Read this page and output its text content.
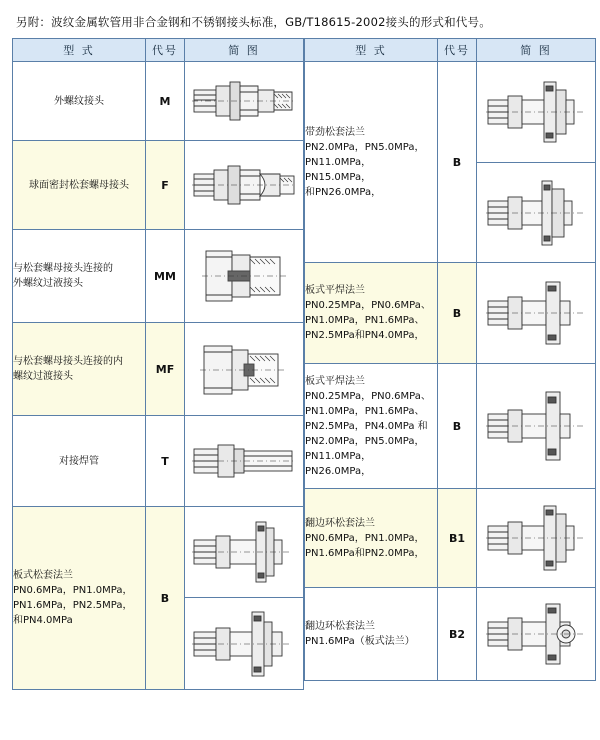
另附：波纹金属软管用非合金钢和不锈钢接头标准，GB/T18615-2002接头的形式和代号。
型 式	代号	简 图

外螺纹接头	M	

球面密封松套螺母接头	F	

与松套螺母接头连接的
外螺纹过液接头	MM	

与松套螺母接头连接的内
螺纹过渡接头	MF	

对接焊管	T	

板式松套法兰
PN0.6MPa，PN1.0MPa，
PN1.6MPa，PN2.5MPa，
和PN4.0MPa	B	
型 式	代号	简 图

带劲松套法兰
PN2.0MPa，PN5.0MPa，
PN11.0MPa，PN15.0MPa，
和PN26.0MPa，	B	

板式平焊法兰
PN0.25MPa，PN0.6MPa、
PN1.0MPa，PN1.6MPa、
PN2.5MPa和PN4.0MPa，	B	

板式平焊法兰
PN0.25MPa，PN0.6MPa、
PN1.0MPa，PN1.6MPa、
PN2.5MPa，PN4.0MPa 和
PN2.0MPa，PN5.0MPa，
PN11.0MPa，PN26.0MPa，
	B	

翻边环松套法兰
PN0.6MPa，PN1.0MPa，
PN1.6MPa和PN2.0MPa，	B1	

翻边环松套法兰
PN1.6MPa（板式法兰）	B2	
